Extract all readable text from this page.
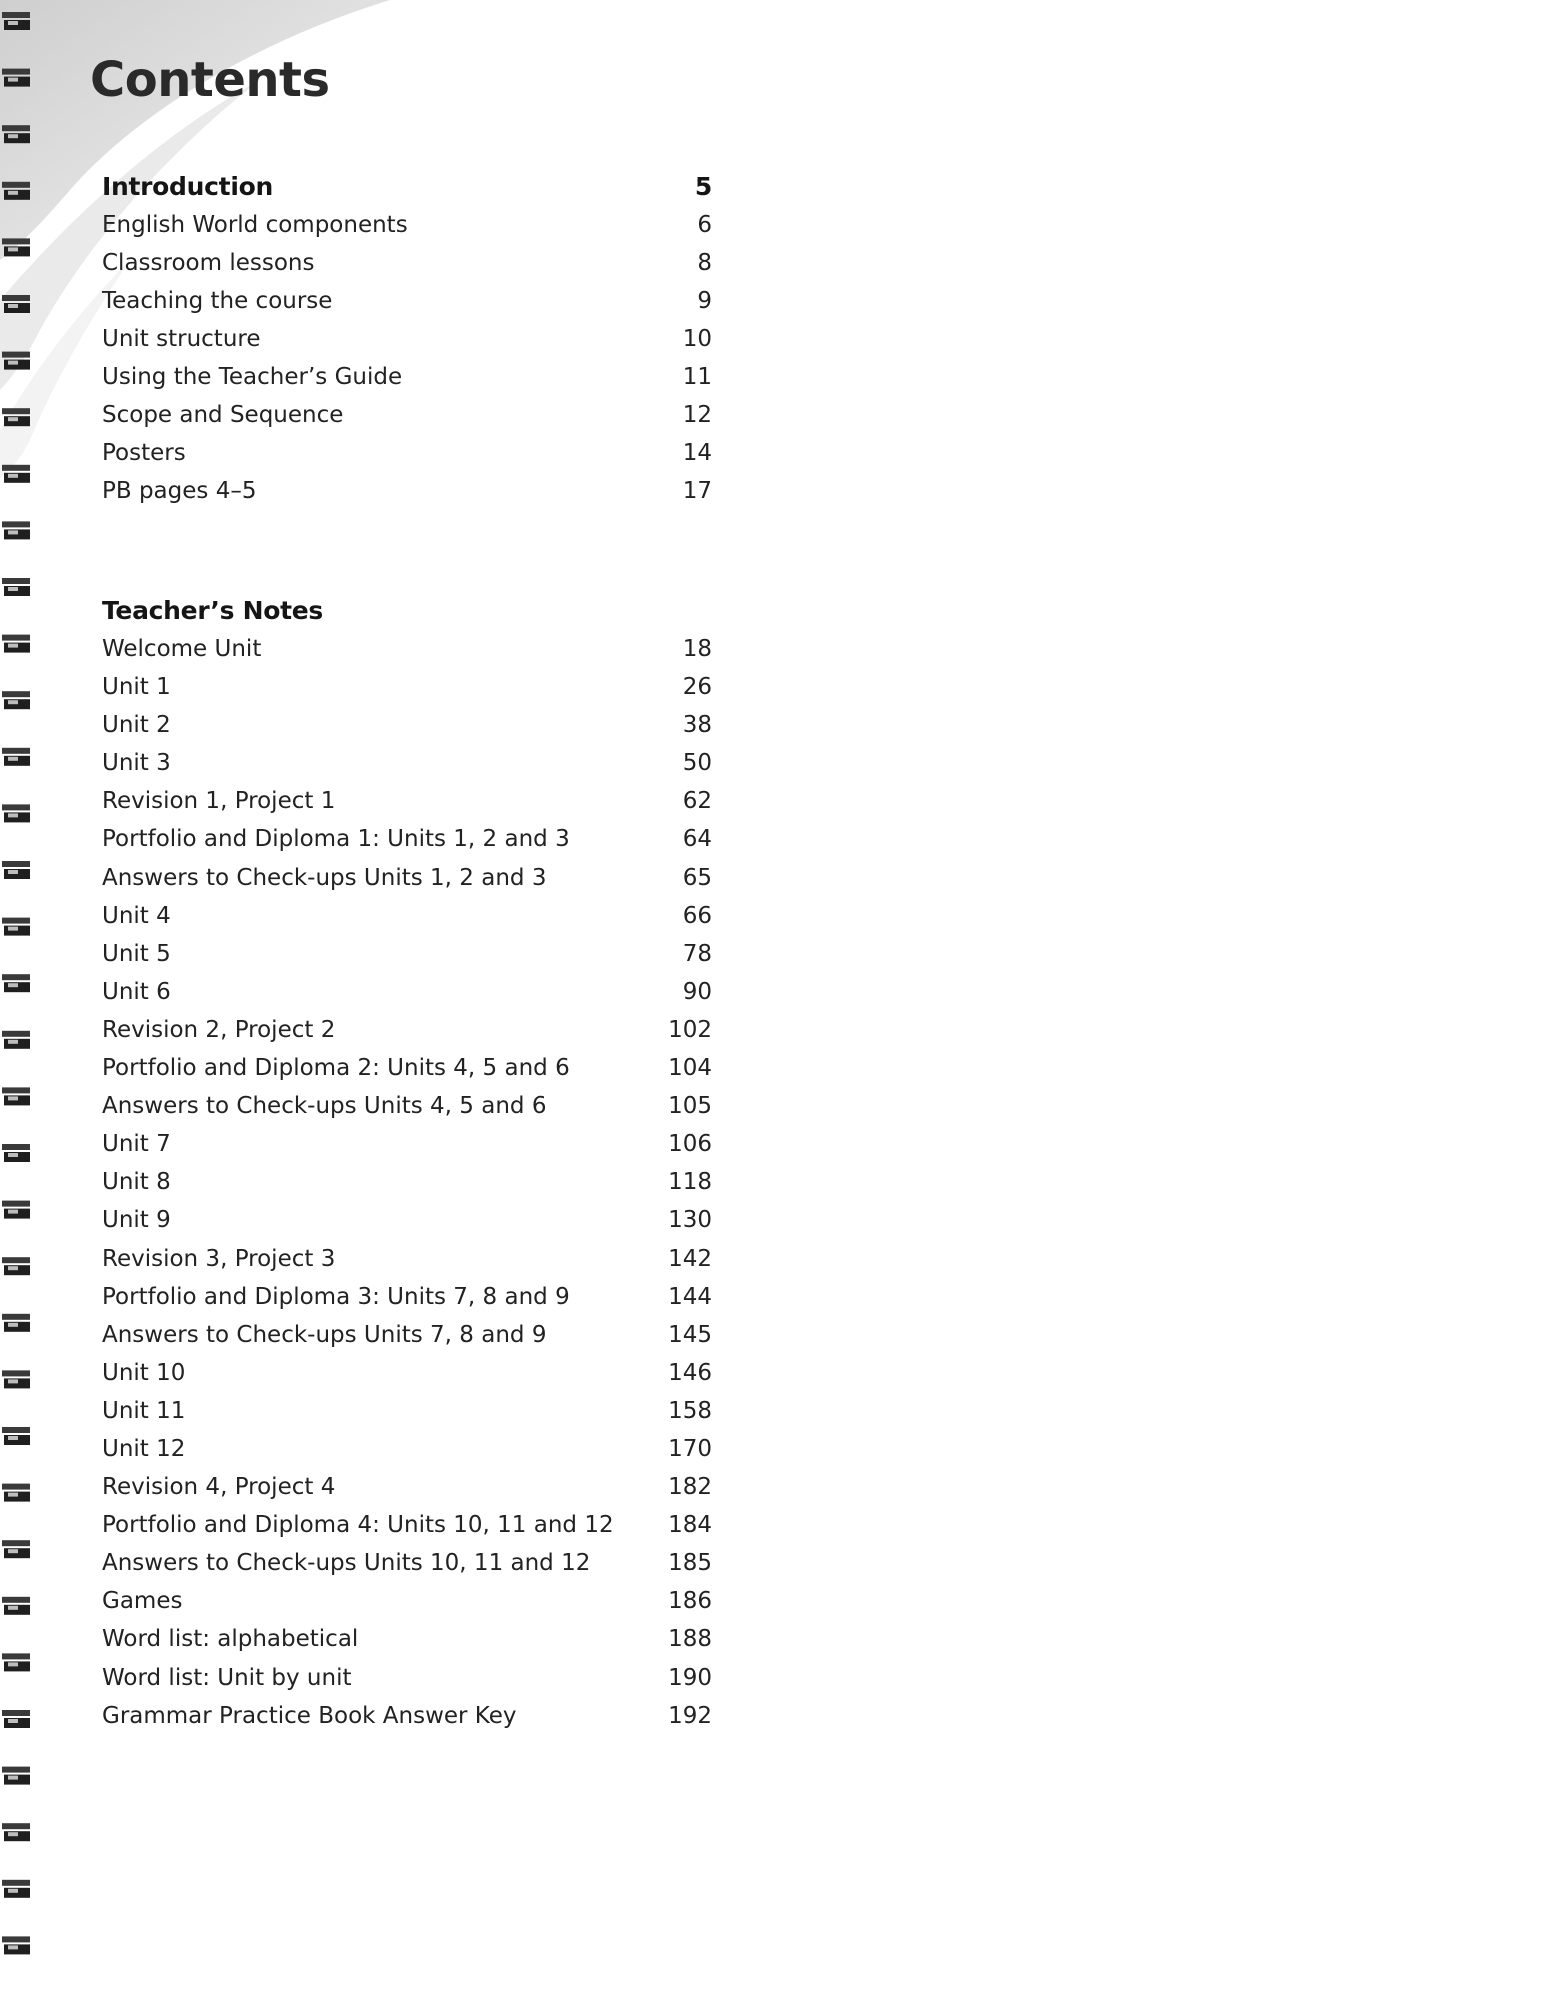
Contents
Introduction	5
English World components	6
Classroom lessons	8
Teaching the course	9
Unit structure	10
Using the Teacher’s Guide	11
Scope and Sequence	12
Posters	14
PB pages 4–5	17
Teacher’s Notes
Welcome Unit	18
Unit 1	26
Unit 2	38
Unit 3	50
Revision 1, Project 1	62
Portfolio and Diploma 1: Units 1, 2 and 3	64
Answers to Check-ups Units 1, 2 and 3	65
Unit 4	66
Unit 5	78
Unit 6	90
Revision 2, Project 2	102
Portfolio and Diploma 2: Units 4, 5 and 6	104
Answers to Check-ups Units 4, 5 and 6	105
Unit 7	106
Unit 8	118
Unit 9	130
Revision 3, Project 3	142
Portfolio and Diploma 3: Units 7, 8 and 9	144
Answers to Check-ups Units 7, 8 and 9	145
Unit 10	146
Unit 11	158
Unit 12	170
Revision 4, Project 4	182
Portfolio and Diploma 4: Units 10, 11 and 12	184
Answers to Check-ups Units 10, 11 and 12	185
Games	186
Word list: alphabetical	188
Word list: Unit by unit	190
Grammar Practice Book Answer Key	192
